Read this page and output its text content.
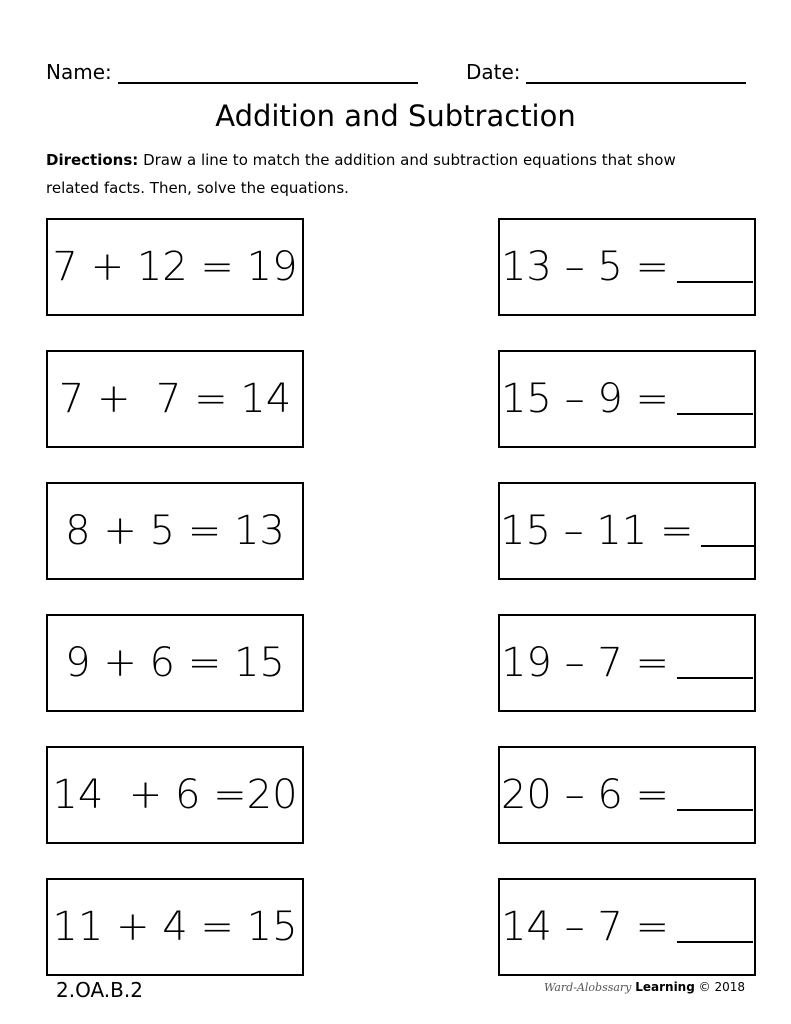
Name:	Date:
Addition and Subtraction
Directions: Draw a line to match the addition and subtraction equations that show
related facts. Then, solve the equations.
7 + 12 = 19
7 +  7 = 14
8 + 5 = 13
9 + 6 = 15
14  + 6 =20
11 + 4 = 15
13 – 5 =
15 – 9 =
15 – 11 =
19 – 7 =
20 – 6 =
14 – 7 =
2.OA.B.2	Ward-Alobssary Learning © 2018
